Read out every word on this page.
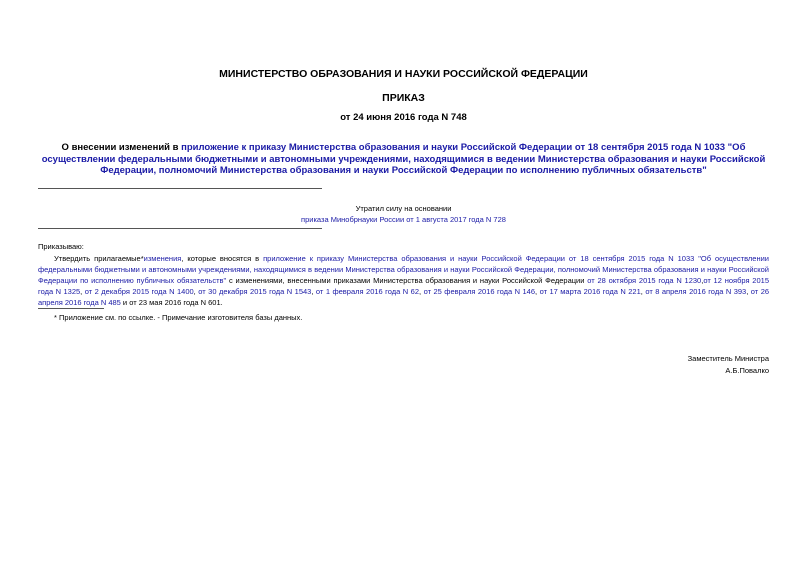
МИНИСТЕРСТВО ОБРАЗОВАНИЯ И НАУКИ РОССИЙСКОЙ ФЕДЕРАЦИИ
ПРИКАЗ
от 24 июня 2016 года N 748
О внесении изменений в приложение к приказу Министерства образования и науки Российской Федерации от 18 сентября 2015 года N 1033 "Об осуществлении федеральными бюджетными и автономными учреждениями, находящимися в ведении Министерства образования и науки Российской Федерации, полномочий Министерства образования и науки Российской Федерации по исполнению публичных обязательств"
Утратил силу на основании
приказа Минобрнауки России от 1 августа 2017 года N 728
Приказываю:
Утвердить прилагаемые*изменения, которые вносятся в приложение к приказу Министерства образования и науки Российской Федерации от 18 сентября 2015 года N 1033 "Об осуществлении федеральными бюджетными и автономными учреждениями, находящимися в ведении Министерства образования и науки Российской Федерации, полномочий Министерства образования и науки Российской Федерации по исполнению публичных обязательств" с изменениями, внесенными приказами Министерства образования и науки Российской Федерации от 28 октября 2015 года N 1230,от 12 ноября 2015 года N 1325, от 2 декабря 2015 года N 1400, от 30 декабря 2015 года N 1543, от 1 февраля 2016 года N 62, от 25 февраля 2016 года N 146, от 17 марта 2016 года N 221, от 8 апреля 2016 года N 393, от 26 апреля 2016 года N 485 и от 23 мая 2016 года N 601.
* Приложение см. по ссылке. - Примечание изготовителя базы данных.
Заместитель Министра
А.Б.Повалко
